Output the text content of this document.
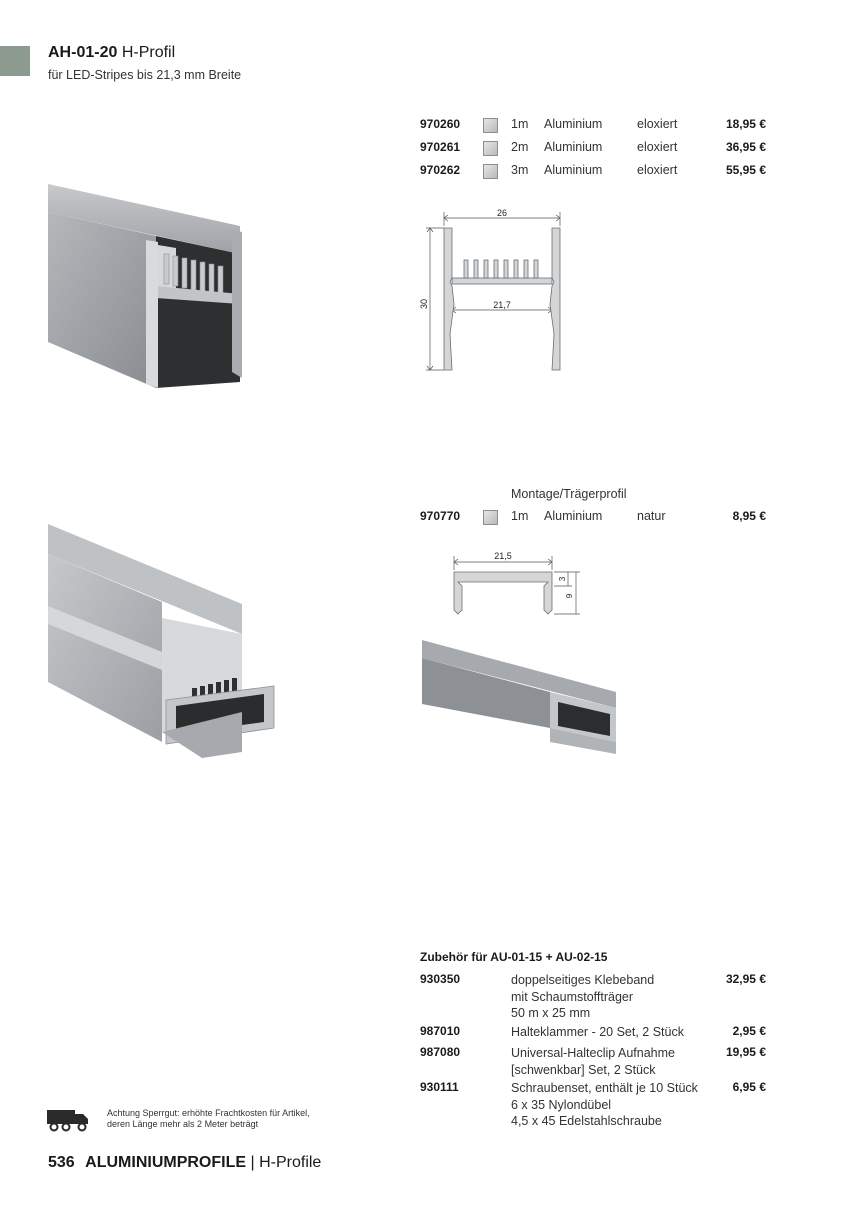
AH-01-20 H-Profil
für LED-Stripes bis 21,3 mm Breite
970260	1m Aluminium	eloxiert	18,95 €
970261	2m Aluminium	eloxiert	36,95 €
970262	3m Aluminium	eloxiert	55,95 €
26
21,7
30
Montage/Trägerprofil
970770	1m Aluminium	natur	8,95 €
21,5
3
9
Zubehör für AU-01-15 + AU-02-15
930350	doppelseitiges Klebeband
mit Schaumstoffträger
50 m x 25 mm
32,95 €
987010	Halteklammer - 20 Set, 2 Stück	2,95 €
987080	Universal-Halteclip Aufnahme
[schwenkbar] Set, 2 Stück
19,95 €
930111	Schraubenset, enthält je 10 Stück
6 x 35 Nylondübel
4,5 x 45 Edelstahlschraube
6,95 €
Achtung Sperrgut: erhöhte Frachtkosten für Artikel,
deren Länge mehr als 2 Meter beträgt
536 ALUMINIUMPROFILE | H-Profile
